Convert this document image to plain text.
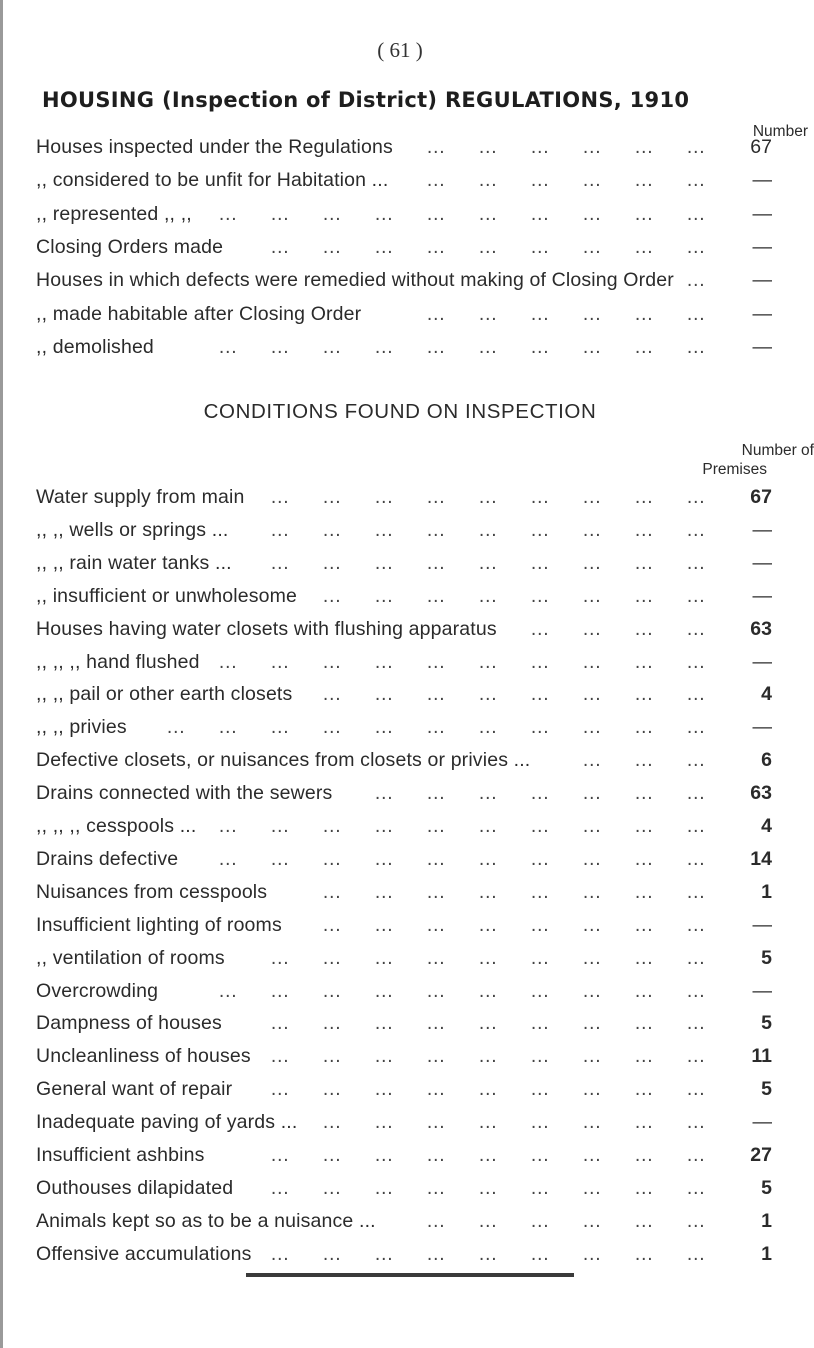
( 61 )
HOUSING (Inspection of District) REGULATIONS, 1910
Number
Houses inspected under the Regulations	67
… … … … … …
,, considered to be unfit for Habitation ...	—
… … … … … …
,, represented ,, ,,	—
… … … … … … … … … …
Closing Orders made	—
… … … … … … … … …
Houses in which defects were remedied without making of Closing Order	—
…
,, made habitable after Closing Order	—
… … … … … …
,, demolished	—
… … … … … … … … … …
CONDITIONS FOUND ON INSPECTION
Number of
Premises
Water supply from main	67
… … … … … … … … …
,, ,, wells or springs ...	—
… … … … … … … … …
,, ,, rain water tanks ...	—
… … … … … … … … …
,, insufficient or unwholesome	—
… … … … … … … …
Houses having water closets with flushing apparatus	63
… … … …
,, ,, ,, hand flushed	—
… … … … … … … … … …
,, ,, pail or other earth closets	4
… … … … … … … …
,, ,, privies	—
… … … … … … … … … … …
Defective closets, or nuisances from closets or privies ...	6
… … …
Drains connected with the sewers	63
… … … … … … …
,, ,, ,, cesspools ...	4
… … … … … … … … … …
Drains defective	14
… … … … … … … … … …
Nuisances from cesspools	1
… … … … … … … …
Insufficient lighting of rooms	—
… … … … … … … …
,, ventilation of rooms	5
… … … … … … … … …
Overcrowding	—
… … … … … … … … … …
Dampness of houses	5
… … … … … … … … …
Uncleanliness of houses	11
… … … … … … … … …
General want of repair	5
… … … … … … … … …
Inadequate paving of yards ...	—
… … … … … … … …
Insufficient ashbins	27
… … … … … … … … …
Outhouses dilapidated	5
… … … … … … … … …
Animals kept so as to be a nuisance ...	1
… … … … … …
Offensive accumulations	1
… … … … … … … … …
